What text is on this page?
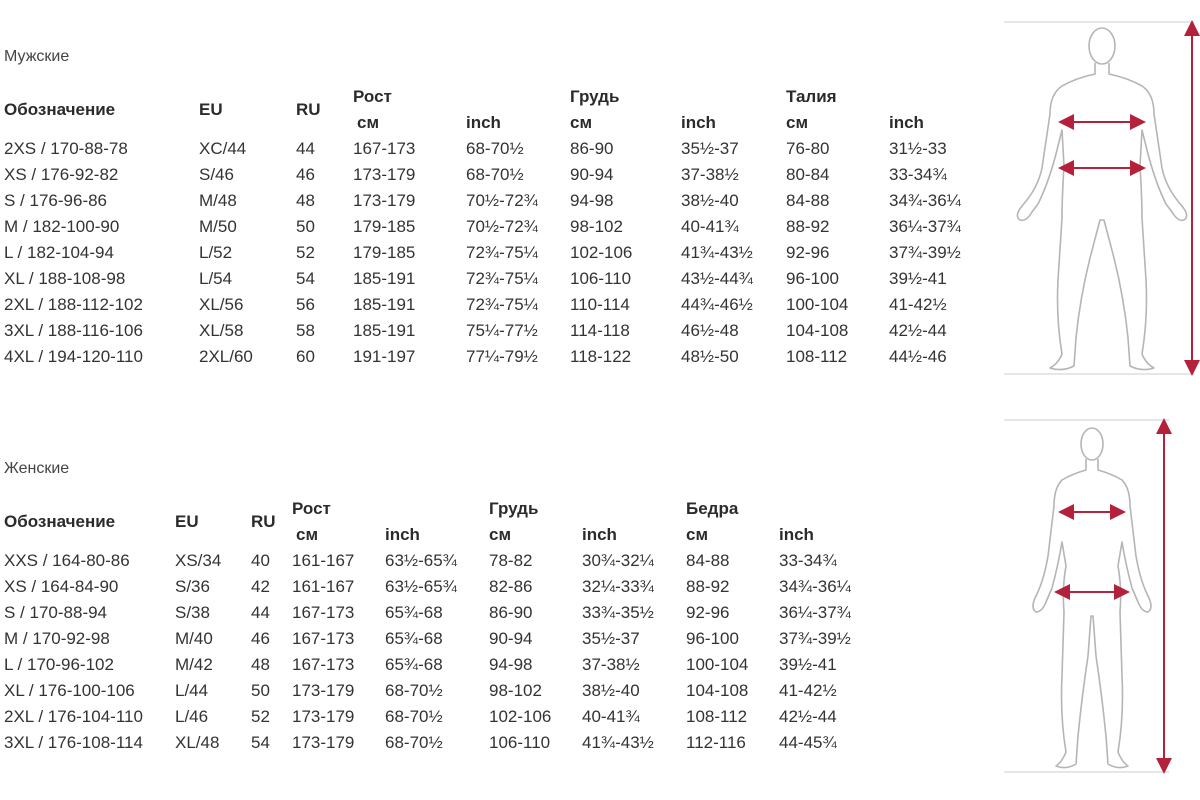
Мужские
Обозначение	EU	RU	Рост		Грудь		Талия	
			см	inch	см	inch	см	inch
2XS / 170-88-78	XC/44	44	167-173	68-70½	86-90	35½-37	76-80	31½-33
XS / 176-92-82	S/46	46	173-179	68-70½	90-94	37-38½	80-84	33-34¾
S / 176-96-86	M/48	48	173-179	70½-72¾	94-98	38½-40	84-88	34¾-36¼
M / 182-100-90	M/50	50	179-185	70½-72¾	98-102	40-41¾	88-92	36¼-37¾
L / 182-104-94	L/52	52	179-185	72¾-75¼	102-106	41¾-43½	92-96	37¾-39½
XL / 188-108-98	L/54	54	185-191	72¾-75¼	106-110	43½-44¾	96-100	39½-41
2XL / 188-112-102	XL/56	56	185-191	72¾-75¼	110-114	44¾-46½	100-104	41-42½
3XL / 188-116-106	XL/58	58	185-191	75¼-77½	114-118	46½-48	104-108	42½-44
4XL / 194-120-110	2XL/60	60	191-197	77¼-79½	118-122	48½-50	108-112	44½-46
Женские
Обозначение	EU	RU	Рост		Грудь		Бедра	
			см	inch	см	inch	см	inch
XXS / 164-80-86	XS/34	40	161-167	63½-65¾	78-82	30¾-32¼	84-88	33-34¾
XS / 164-84-90	S/36	42	161-167	63½-65¾	82-86	32¼-33¾	88-92	34¾-36¼
S / 170-88-94	S/38	44	167-173	65¾-68	86-90	33¾-35½	92-96	36¼-37¾
M / 170-92-98	M/40	46	167-173	65¾-68	90-94	35½-37	96-100	37¾-39½
L / 170-96-102	M/42	48	167-173	65¾-68	94-98	37-38½	100-104	39½-41
XL / 176-100-106	L/44	50	173-179	68-70½	98-102	38½-40	104-108	41-42½
2XL / 176-104-110	L/46	52	173-179	68-70½	102-106	40-41¾	108-112	42½-44
3XL / 176-108-114	XL/48	54	173-179	68-70½	106-110	41¾-43½	112-116	44-45¾
